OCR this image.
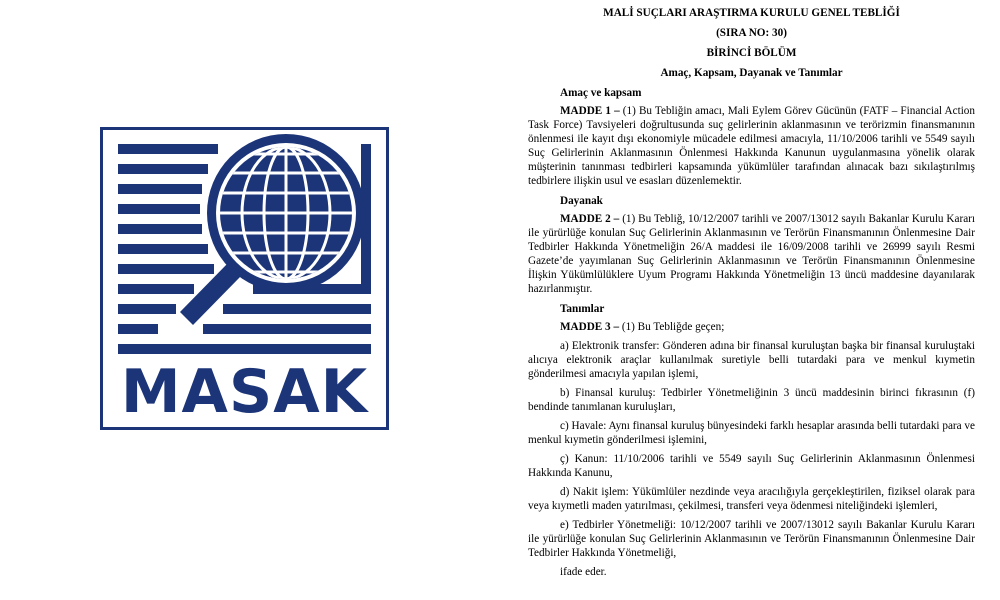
MASAK
MALİ SUÇLARI ARAŞTIRMA KURULU GENEL TEBLİĞİ
(SIRA NO: 30)
BİRİNCİ BÖLÜM
Amaç, Kapsam, Dayanak ve Tanımlar
Amaç ve kapsam
MADDE 1 – (1) Bu Tebliğin amacı, Mali Eylem Görev Gücünün (FATF – Financial Action Task Force) Tavsiyeleri doğrultusunda suç gelirlerinin aklanmasının ve terörizmin finansmanının önlenmesi ile kayıt dışı ekonomiyle mücadele edilmesi amacıyla, 11/10/2006 tarihli ve 5549 sayılı Suç Gelirlerinin Aklanmasının Önlenmesi Hakkında Kanunun uygulanmasına yönelik olarak müşterinin tanınması tedbirleri kapsamında yükümlüler tarafından alınacak bazı sıkılaştırılmış tedbirlere ilişkin usul ve esasları düzenlemektir.
Dayanak
MADDE 2 – (1) Bu Tebliğ, 10/12/2007 tarihli ve 2007/13012 sayılı Bakanlar Kurulu Kararı ile yürürlüğe konulan Suç Gelirlerinin Aklanmasının ve Terörün Finansmanının Önlenmesine Dair Tedbirler Hakkında Yönetmeliğin 26/A maddesi ile 16/09/2008 tarihli ve 26999 sayılı Resmi Gazete’de yayımlanan Suç Gelirlerinin Aklanmasının ve Terörün Finansmanının Önlenmesine İlişkin Yükümlülüklere Uyum Programı Hakkında Yönetmeliğin 13 üncü maddesine dayanılarak hazırlanmıştır.
Tanımlar
MADDE 3 – (1) Bu Tebliğde geçen;
a) Elektronik transfer: Gönderen adına bir finansal kuruluştan başka bir finansal kuruluştaki alıcıya elektronik araçlar kullanılmak suretiyle belli tutardaki para ve menkul kıymetin gönderilmesi amacıyla yapılan işlemi,
b) Finansal kuruluş: Tedbirler Yönetmeliğinin 3 üncü maddesinin birinci fıkrasının (f) bendinde tanımlanan kuruluşları,
c) Havale: Aynı finansal kuruluş bünyesindeki farklı hesaplar arasında belli tutardaki para ve menkul kıymetin gönderilmesi işlemini,
ç) Kanun: 11/10/2006 tarihli ve 5549 sayılı Suç Gelirlerinin Aklanmasının Önlenmesi Hakkında Kanunu,
d) Nakit işlem: Yükümlüler nezdinde veya aracılığıyla gerçekleştirilen, fiziksel olarak para veya kıymetli maden yatırılması, çekilmesi, transferi veya ödenmesi niteliğindeki işlemleri,
e) Tedbirler Yönetmeliği: 10/12/2007 tarihli ve 2007/13012 sayılı Bakanlar Kurulu Kararı ile yürürlüğe konulan Suç Gelirlerinin Aklanmasının ve Terörün Finansmanının Önlenmesine Dair Tedbirler Hakkında Yönetmeliği,
ifade eder.
